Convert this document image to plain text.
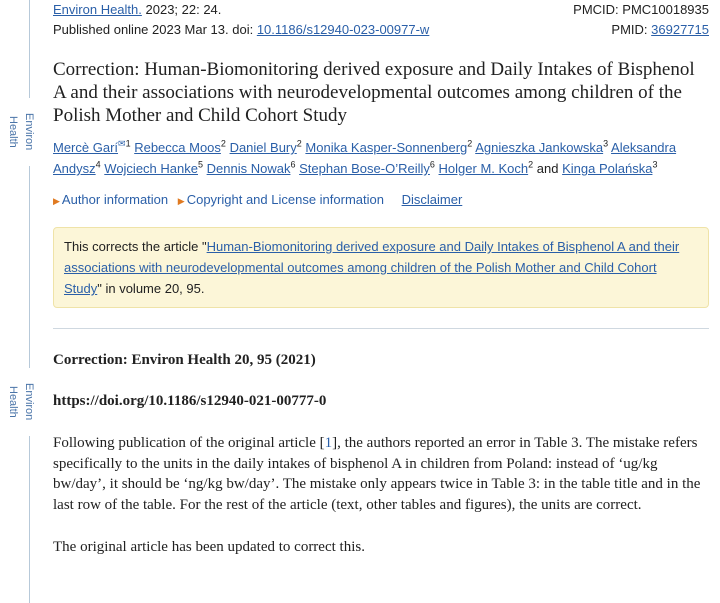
Environ Health
Environ Health
Environ Health. 2023; 22: 24.	PMCID: PMC10018935
Published online 2023 Mar 13. doi: 10.1186/s12940-023-00977-w	PMID: 36927715
Correction: Human-Biomonitoring derived exposure and Daily Intakes of Bisphenol A and their associations with neurodevelopmental outcomes among children of the Polish Mother and Child Cohort Study
Mercè Garí$^{✉1}$ Rebecca Moos$^2$ Daniel Bury$^2$ Monika Kasper-Sonnenberg$^2$ Agnieszka Jankowska$^3$ Aleksandra Andysz$^4$ Wojciech Hanke$^5$ Dennis Nowak$^6$ Stephan Bose-O’Reilly$^6$ Holger M. Koch$^2$ and Kinga Polańska$^3$
▶ Author information ▶ Copyright and License information Disclaimer
This corrects the article "Human-Biomonitoring derived exposure and Daily Intakes of Bisphenol A and their associations with neurodevelopmental outcomes among children of the Polish Mother and Child Cohort Study" in volume 20, 95.
Correction: Environ Health 20, 95 (2021)
https://doi.org/10.1186/s12940-021-00777-0

Following publication of the original article [1], the authors reported an error in Table 3. The mistake refers specifically to the units in the daily intakes of bisphenol A in children from Poland: instead of ‘ug/kg bw/day’, it should be ‘ng/kg bw/day’. The mistake only appears twice in Table 3: in the table title and in the last row of the table. For the rest of the article (text, other tables and figures), the units are correct.

The original article has been updated to correct this.
